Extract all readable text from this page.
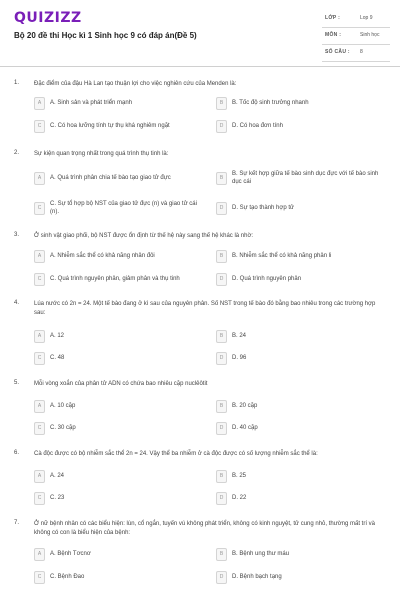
QUIZIZZ
Bộ 20 đề thi Học kì 1 Sinh học 9 có đáp án(Đề 5)
LỚP :	Lop 9
MÔN :	Sinh học
SỐ CÂU : 8
1. Đặc điểm của đậu Hà Lan tạo thuận lợi cho việc nghiên cứu của Menden là:
A	A. Sinh sản và phát triển mạnh	B	B. Tốc độ sinh trưởng nhanh
C	C. Có hoa lưỡng tính tự thụ khá nghiêm ngặt	D	D. Có hoa đơn tính
2. Sự kiện quan trọng nhất trong quá trình thụ tinh là:
A	A. Quá trình phân chia tế bào tạo giao tử đực	B
B. Sự kết hợp giữa tế bào sinh dục đực với tế bào sinh dục cái
C
C. Sự tổ hợp bộ NST của giao tử đực (n) và giao tử cái (n).
D	D. Sự tạo thành hợp tử
3. Ở sinh vật giao phối, bộ NST được ổn định từ thế hệ này sang thế hệ khác là nhờ:
A	A. Nhiễm sắc thể có khả năng nhân đôi	B	B. Nhiễm sắc thể có khả năng phân li
C	C. Quá trình nguyên phân, giảm phân và thụ tinh	D	D. Quá trình nguyên phân
4. Lúa nước có 2n = 24. Một tế bào đang ở kì sau của nguyên phân. Số NST trong tế bào đó bằng bao nhiêu trong các trường hợp sau:
A	A. 12	B	B. 24
C	C. 48	D	D. 96
5. Mỗi vòng xoắn của phân tử ADN có chứa bao nhiêu cặp nuclêôtit
A	A. 10 cặp	B	B. 20 cặp
C	C. 30 cặp	D	D. 40 cặp
6. Cà độc được có bộ nhiễm sắc thể 2n = 24. Vậy thể ba nhiễm ở cà độc được có số lượng nhiễm sắc thể là:
A	A. 24	B	B. 25
C	C. 23	D	D. 22
7. Ở nữ bệnh nhân có các biểu hiện: lùn, cổ ngắn, tuyến vú không phát triển, không có kinh nguyệt, tử cung nhỏ, thường mất trí và không có con là biểu hiện của bệnh:
A	A. Bệnh Tơcnơ	B	B. Bệnh ung thư máu
C	C. Bệnh Đao	D	D. Bệnh bạch tạng
